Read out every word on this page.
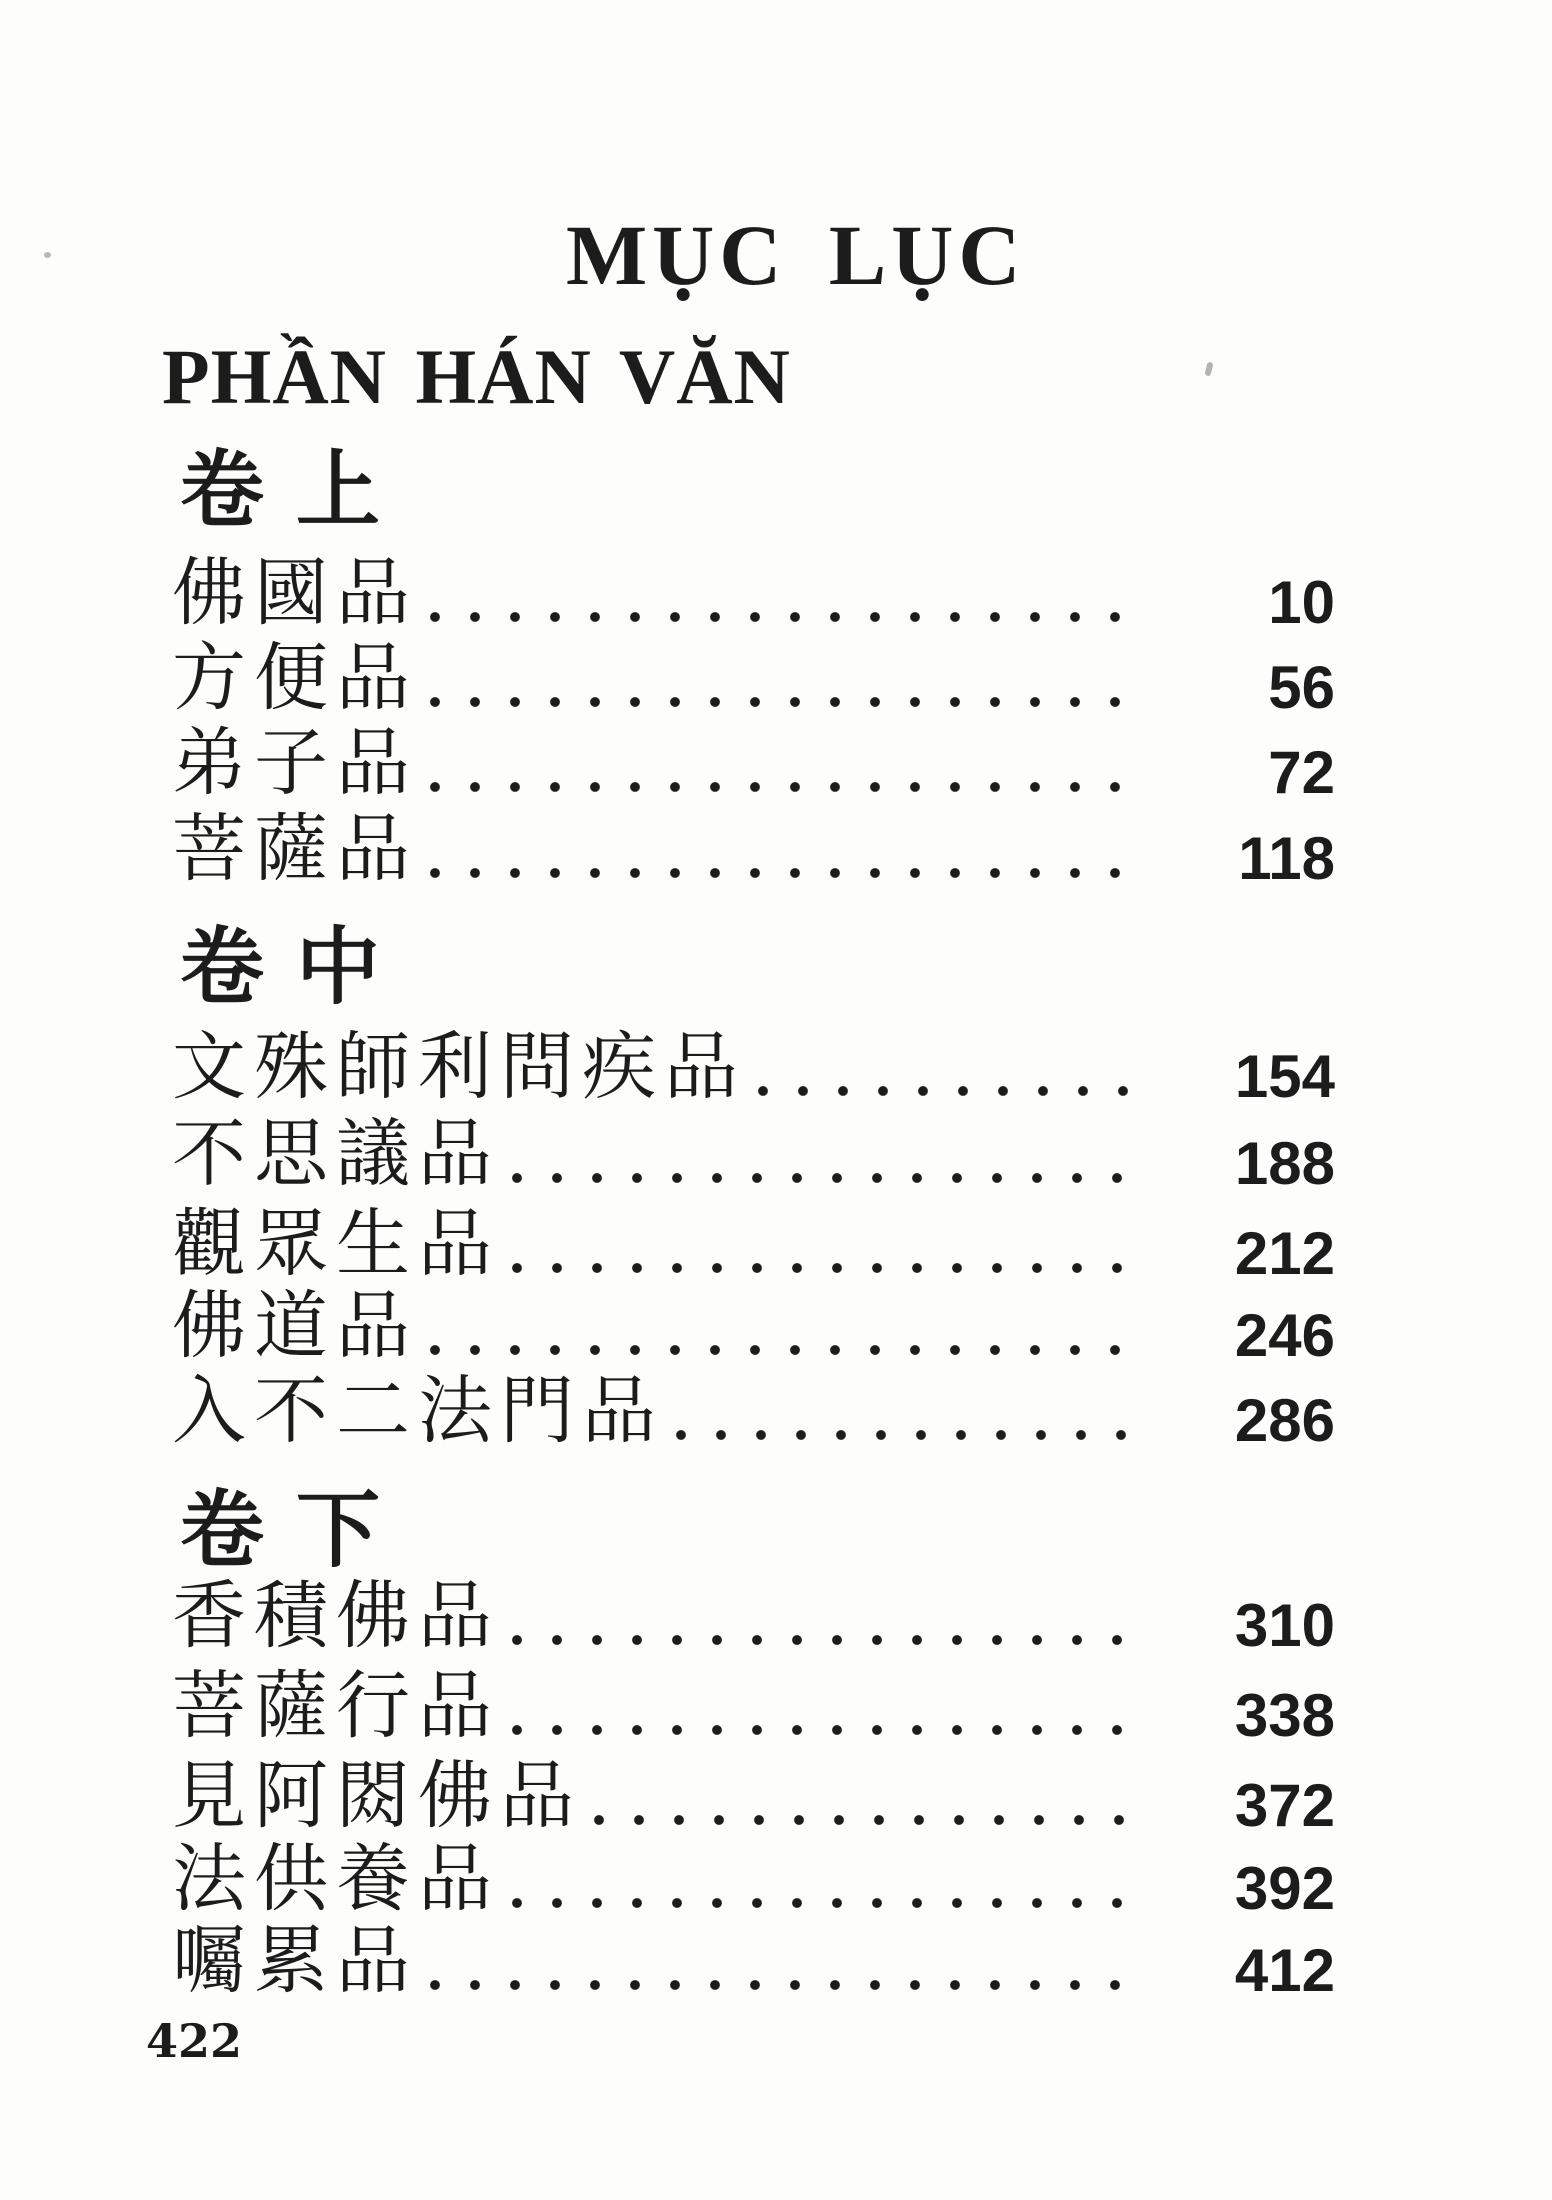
MỤC LỤC
PHẦN HÁN VĂN
卷上
佛國品	10
方便品	56
弟子品	72
菩薩品	118
卷中
文殊師利問疾品	154
不思議品	188
觀眾生品	212
佛道品	246
入不二法門品	286
卷下
香積佛品	310
菩薩行品	338
見阿閦佛品	372
法供養品	392
囑累品	412
422
